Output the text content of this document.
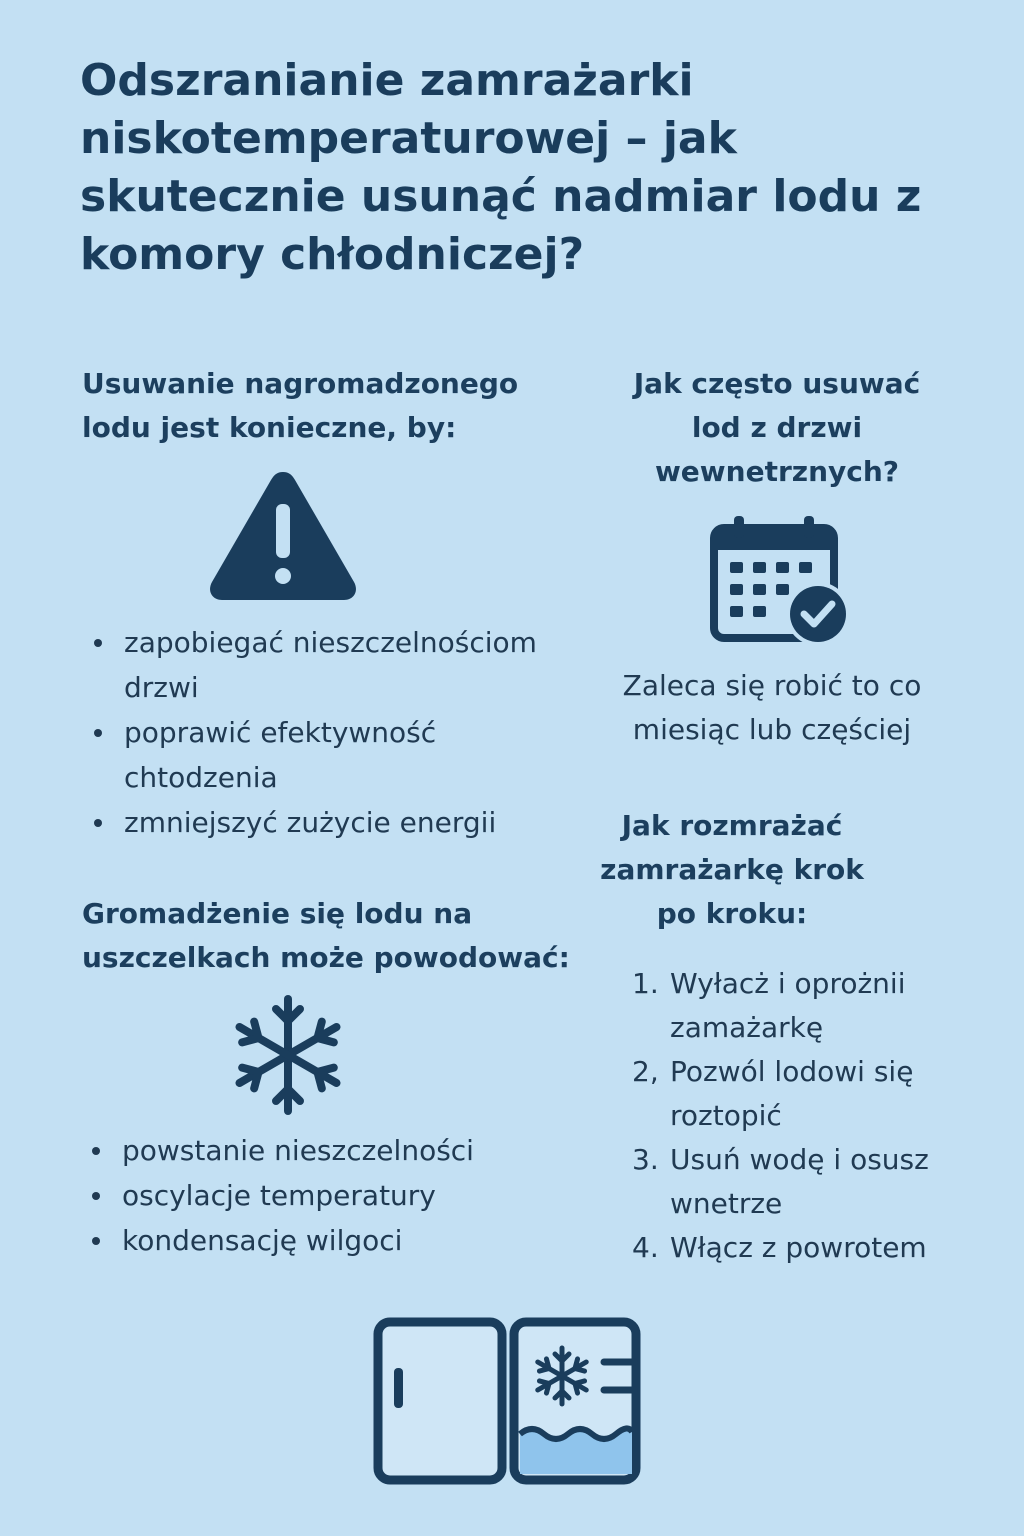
Odszranianie zamrażarki niskotemperaturowej – jak skutecznie usunąć nadmiar lodu z komory chłodniczej?
Usuwanie nagromadzonego lodu jest konieczne, by:
zapobiegać nieszczelnościom drzwi
poprawić efektywność chtodzenia
zmniejszyć zużycie energii
Gromadżenie się lodu na uszczelkach może powodować:
powstanie nieszczelności
oscylacje temperatury
kondensację wilgoci
Jak często usuwać lod z drzwi wewnetrznych?

Zaleca się robić to co miesiąc lub częściej

Jak rozmrażać zamrażarkę krok po kroku:
1. Wyłacż i oprożnii zamażarkę
2, Pozwól lodowi się roztopić
3. Usuń wodę i osusz wnetrze
4. Włącz z powrotem
